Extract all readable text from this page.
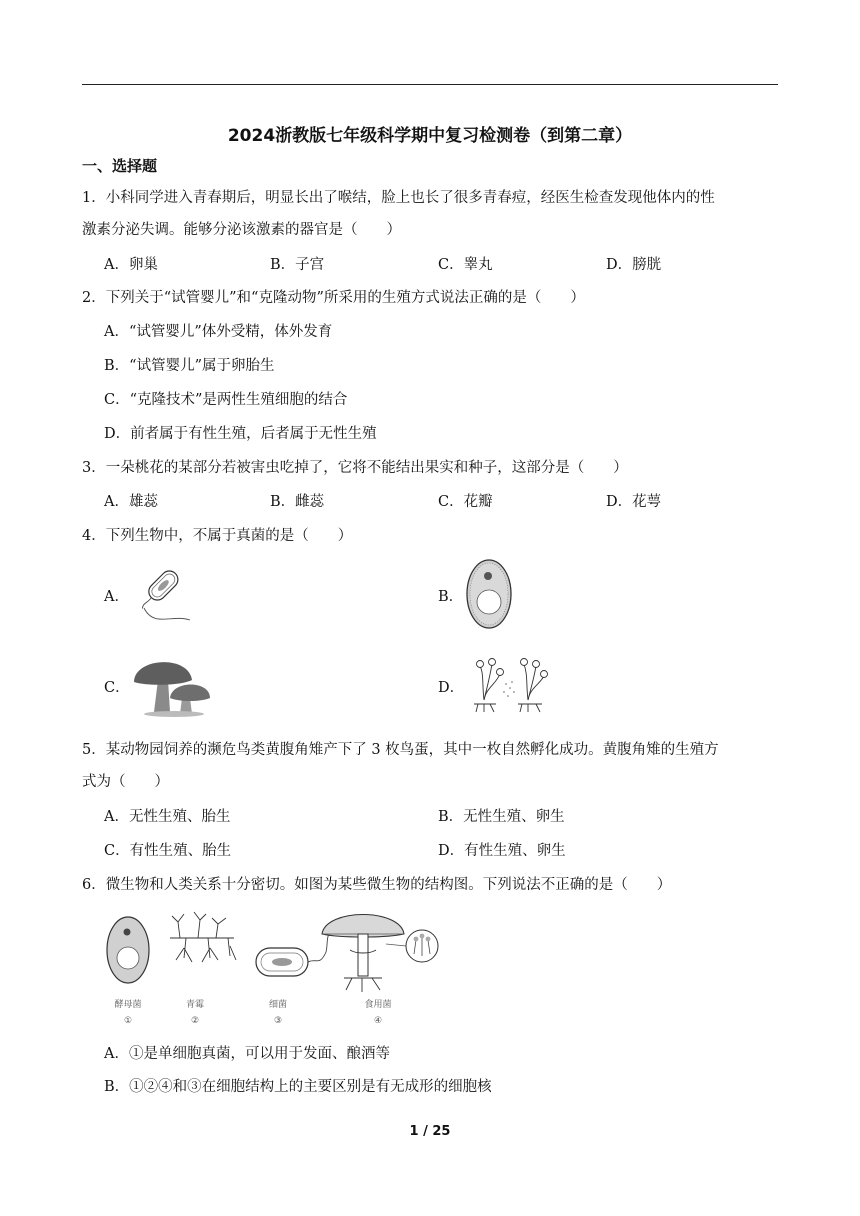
2024浙教版七年级科学期中复习检测卷（到第二章）
一、选择题
1．小科同学进入青春期后，明显长出了喉结，脸上也长了很多青春痘，经医生检查发现他体内的性
激素分泌失调。能够分泌该激素的器官是（　　）
A．卵巢	B．子宫	C．睾丸	D．膀胱
2．下列关于“试管婴儿”和“克隆动物”所采用的生殖方式说法正确的是（　　）
A．“试管婴儿”体外受精，体外发育
B．“试管婴儿”属于卵胎生
C．“克隆技术”是两性生殖细胞的结合
D．前者属于有性生殖，后者属于无性生殖
3．一朵桃花的某部分若被害虫吃掉了，它将不能结出果实和种子，这部分是（　　）
A．雄蕊	B．雌蕊	C．花瓣	D．花萼
4．下列生物中，不属于真菌的是（　　）
A．	B．
C．	D．
5．某动物园饲养的濒危鸟类黄腹角雉产下了 3 枚鸟蛋，其中一枚自然孵化成功。黄腹角雉的生殖方
式为（　　）
A．无性生殖、胎生	B．无性生殖、卵生
C．有性生殖、胎生	D．有性生殖、卵生
6．微生物和人类关系十分密切。如图为某些微生物的结构图。下列说法不正确的是（　　）
酵母菌	青霉	细菌	食用菌
①	②	③	④
A．①是单细胞真菌，可以用于发面、酿酒等
B．①②④和③在细胞结构上的主要区别是有无成形的细胞核
1 / 25
